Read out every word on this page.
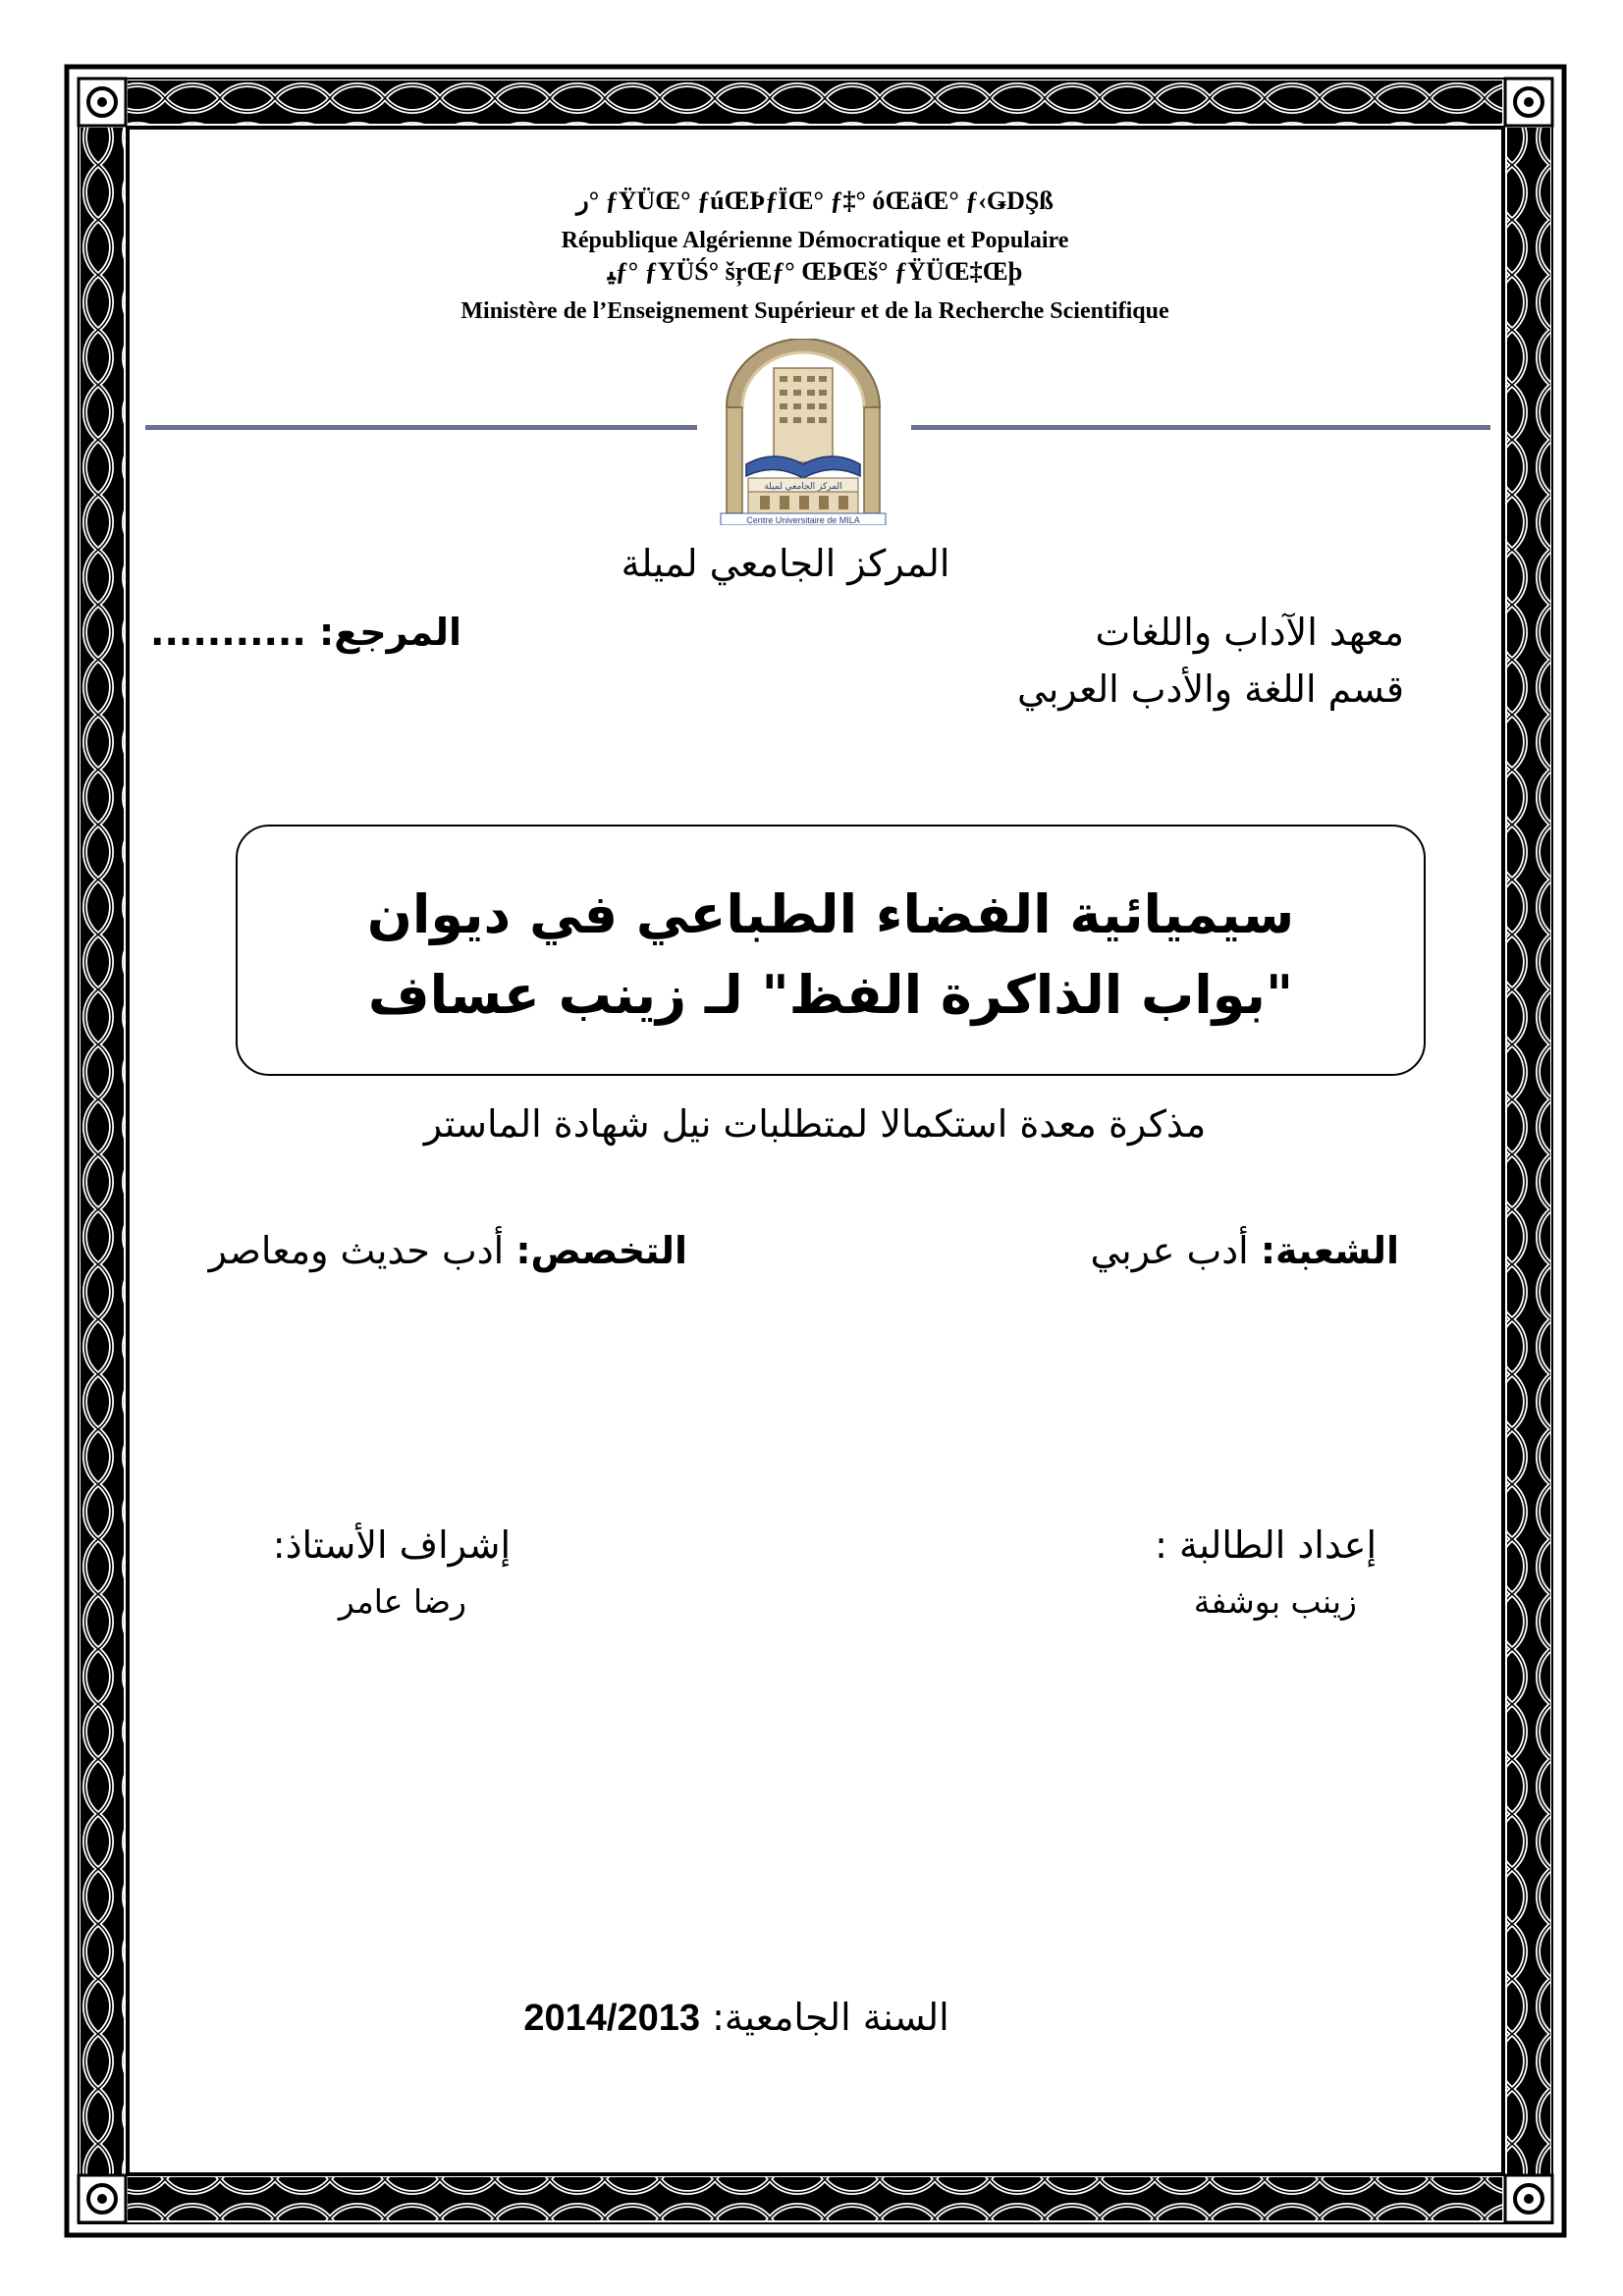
ﺭ° ƒŸÜŒ° ƒúŒÞƒÏŒ° ƒ‡° óŒäŒ° ƒ‹ǤDŞß
République Algérienne Démocratique et Populaire
ﯿƒ° ƒYÜŚ° šŗŒƒ° ŒÞŒš° ƒŸÜŒ‡Œþ
Ministère de l’Enseignement Supérieur et de la Recherche Scientifique
المركز الجامعي لميلة
Centre Universitaire de MILA
المركز الجامعي لميلة
معهد الآداب واللغات
قسم اللغة والأدب العربي
المرجع: ...........
سيميائية الفضاء الطباعي في ديوان
"بواب الذاكرة الفظ" لـ زينب عساف
مذكرة معدة استكمالا لمتطلبات نيل شهادة الماستر
الشعبة: أدب عربي
التخصص: أدب حديث ومعاصر
إعداد الطالبة :
زينب بوشفة
إشراف الأستاذ:
رضا عامر
السنة الجامعية: 2014/2013
